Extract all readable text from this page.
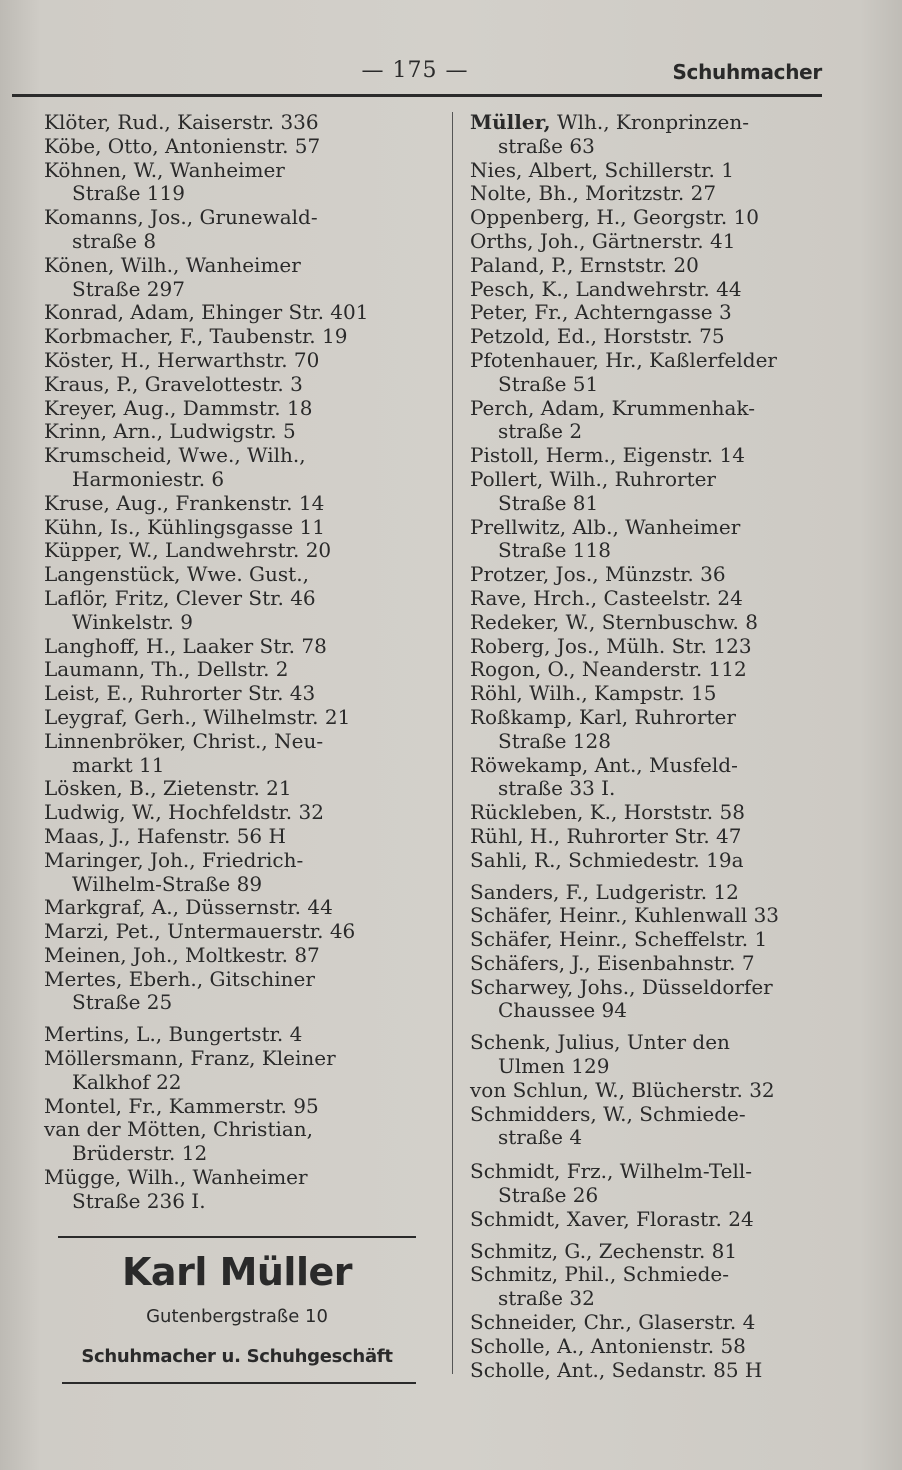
— 175 —	Schuhmacher
Klöter, Rud., Kaiserstr. 336
Köbe, Otto, Antonienstr. 57
Köhnen, W., Wanheimer
Straße 119
Komanns, Jos., Grunewald-
straße 8
Könen, Wilh., Wanheimer
Straße 297
Konrad, Adam, Ehinger Str. 401
Korbmacher, F., Taubenstr. 19
Köster, H., Herwarthstr. 70
Kraus, P., Gravelottestr. 3
Kreyer, Aug., Dammstr. 18
Krinn, Arn., Ludwigstr. 5
Krumscheid, Wwe., Wilh.,
Harmoniestr. 6
Kruse, Aug., Frankenstr. 14
Kühn, Is., Kühlingsgasse 11
Küpper, W., Landwehrstr. 20
Langenstück, Wwe. Gust.,
Laflör, Fritz, Clever Str. 46
Winkelstr. 9
Langhoff, H., Laaker Str. 78
Laumann, Th., Dellstr. 2
Leist, E., Ruhrorter Str. 43
Leygraf, Gerh., Wilhelmstr. 21
Linnenbröker, Christ., Neu-
markt 11
Lösken, B., Zietenstr. 21
Ludwig, W., Hochfeldstr. 32
Maas, J., Hafenstr. 56 H
Maringer, Joh., Friedrich-
Wilhelm-Straße 89
Markgraf, A., Düssernstr. 44
Marzi, Pet., Untermauerstr. 46
Meinen, Joh., Moltkestr. 87
Mertes, Eberh., Gitschiner
Straße 25
Mertins, L., Bungertstr. 4
Möllersmann, Franz, Kleiner
Kalkhof 22
Montel, Fr., Kammerstr. 95
van der Mötten, Christian,
Brüderstr. 12
Mügge, Wilh., Wanheimer
Straße 236 I.
Müller, Wlh., Kronprinzen-
straße 63
Nies, Albert, Schillerstr. 1
Nolte, Bh., Moritzstr. 27
Oppenberg, H., Georgstr. 10
Orths, Joh., Gärtnerstr. 41
Paland, P., Ernststr. 20
Pesch, K., Landwehrstr. 44
Peter, Fr., Achterngasse 3
Petzold, Ed., Horststr. 75
Pfotenhauer, Hr., Kaßlerfelder
Straße 51
Perch, Adam, Krummenhak-
straße 2
Pistoll, Herm., Eigenstr. 14
Pollert, Wilh., Ruhrorter
Straße 81
Prellwitz, Alb., Wanheimer
Straße 118
Protzer, Jos., Münzstr. 36
Rave, Hrch., Casteelstr. 24
Redeker, W., Sternbuschw. 8
Roberg, Jos., Mülh. Str. 123
Rogon, O., Neanderstr. 112
Röhl, Wilh., Kampstr. 15
Roßkamp, Karl, Ruhrorter
Straße 128
Röwekamp, Ant., Musfeld-
straße 33 I.
Rückleben, K., Horststr. 58
Rühl, H., Ruhrorter Str. 47
Sahli, R., Schmiedestr. 19a
Sanders, F., Ludgeristr. 12
Schäfer, Heinr., Kuhlenwall 33
Schäfer, Heinr., Scheffelstr. 1
Schäfers, J., Eisenbahnstr. 7
Scharwey, Johs., Düsseldorfer
Chaussee 94
Schenk, Julius, Unter den
Ulmen 129
von Schlun, W., Blücherstr. 32
Schmidders, W., Schmiede-
straße 4
Schmidt, Frz., Wilhelm-Tell-
Straße 26
Schmidt, Xaver, Florastr. 24
Schmitz, G., Zechenstr. 81
Schmitz, Phil., Schmiede-
straße 32
Schneider, Chr., Glaserstr. 4
Scholle, A., Antonienstr. 58
Scholle, Ant., Sedanstr. 85 H
Karl Müller
Gutenbergstraße 10
Schuhmacher u. Schuhgeschäft
